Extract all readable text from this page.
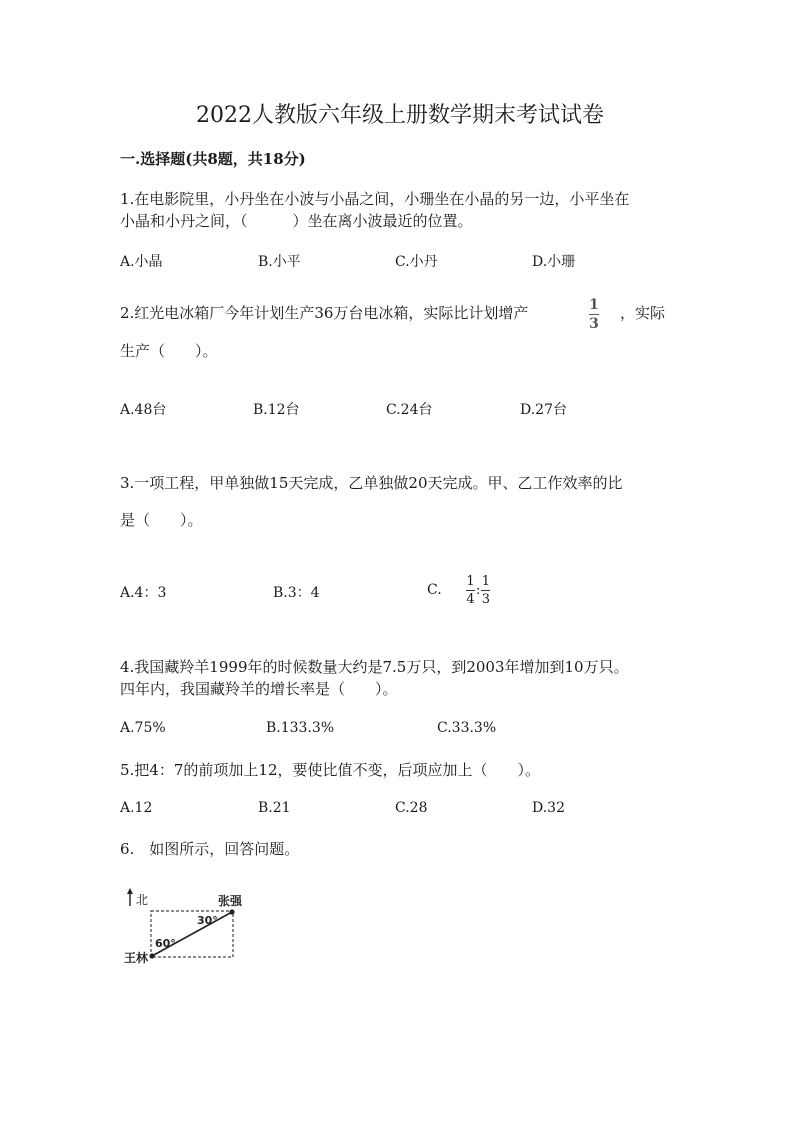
2022人教版六年级上册数学期末考试试卷
一.选择题(共8题，共18分)
1.在电影院里，小丹坐在小波与小晶之间，小珊坐在小晶的另一边，小平坐在
小晶和小丹之间，（　　　）坐在离小波最近的位置。
A.小晶	B.小平	C.小丹	D.小珊
2.红光电冰箱厂今年计划生产36万台电冰箱，实际比计划增产	1
3
，实际
生产（　　）。
A.48台	B.12台	C.24台	D.27台
3.一项工程，甲单独做15天完成，乙单独做20天完成。甲、乙工作效率的比
是（　　）。
A.4：3	B.3：4	C. $\frac{1}{4}$ : $\frac{1}{3}$
4.我国藏羚羊1999年的时候数量大约是7.5万只，到2003年增加到10万只。
四年内，我国藏羚羊的增长率是（　　）。
A.75%	B.133.3%	C.33.3%
5.把4：7的前项加上12，要使比值不变，后项应加上（　　）。
A.12	B.21	C.28	D.32
6.　如图所示，回答问题。
北	张强
王林
30°
60°
